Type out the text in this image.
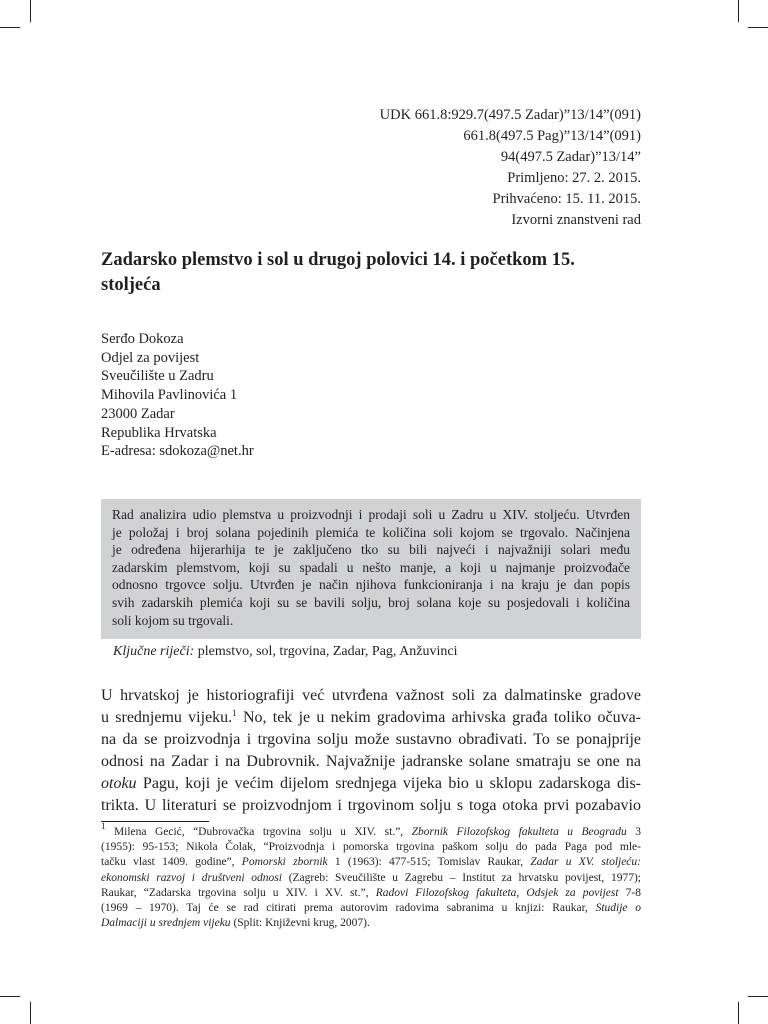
UDK 661.8:929.7(497.5 Zadar)”13/14”(091)
661.8(497.5 Pag)”13/14”(091)
94(497.5 Zadar)”13/14”
Primljeno: 27. 2. 2015.
Prihvaćeno: 15. 11. 2015.
Izvorni znanstveni rad
Zadarsko plemstvo i sol u drugoj polovici 14. i početkom 15. stoljeća
Serđo Dokoza
Odjel za povijest
Sveučilište u Zadru
Mihovila Pavlinovića 1
23000 Zadar
Republika Hrvatska
E-adresa: sdokoza@net.hr
Rad analizira udio plemstva u proizvodnji i prodaji soli u Zadru u XIV. stoljeću. Utvrđen
je položaj i broj solana pojedinih plemića te količina soli kojom se trgovalo. Načinjena
je određena hijerarhija te je zaključeno tko su bili najveći i najvažniji solari među
zadarskim plemstvom, koji su spadali u nešto manje, a koji u najmanje proizvođače
odnosno trgovce solju. Utvrđen je način njihova funkcioniranja i na kraju je dan popis
svih zadarskih plemića koji su se bavili solju, broj solana koje su posjedovali i količina
soli kojom su trgovali.
Ključne riječi: plemstvo, sol, trgovina, Zadar, Pag, Anžuvinci
U hrvatskoj je historiografiji već utvrđena važnost soli za dalmatinske gradove
u srednjemu vijeku.$^1$ No, tek je u nekim gradovima arhivska građa toliko očuva-
na da se proizvodnja i trgovina solju može sustavno obrađivati. To se ponajprije
odnosi na Zadar i na Dubrovnik. Najvažnije jadranske solane smatraju se one na
otoku Pagu, koji je većim dijelom srednjega vijeka bio u sklopu zadarskoga dis-
trikta. U literaturi se proizvodnjom i trgovinom solju s toga otoka prvi pozabavio
$^1$ Milena Gecić, “Dubrovačka trgovina solju u XIV. st.”, Zbornik Filozofskog fakulteta u Beogradu 3
(1955): 95-153; Nikola Čolak, “Proizvodnja i pomorska trgovina paškom solju do pada Paga pod mle-
tačku vlast 1409. godine”, Pomorski zbornik 1 (1963): 477-515; Tomislav Raukar, Zadar u XV. stoljeću:
ekonomski razvoj i društveni odnosi (Zagreb: Sveučilište u Zagrebu – Institut za hrvatsku povijest, 1977);
Raukar, “Zadarska trgovina solju u XIV. i XV. st.”, Radovi Filozofskog fakulteta, Odsjek za povijest 7-8
(1969 – 1970). Taj će se rad citirati prema autorovim radovima sabranima u knjizi: Raukar, Studije o
Dalmaciji u srednjem vijeku (Split: Književni krug, 2007).
